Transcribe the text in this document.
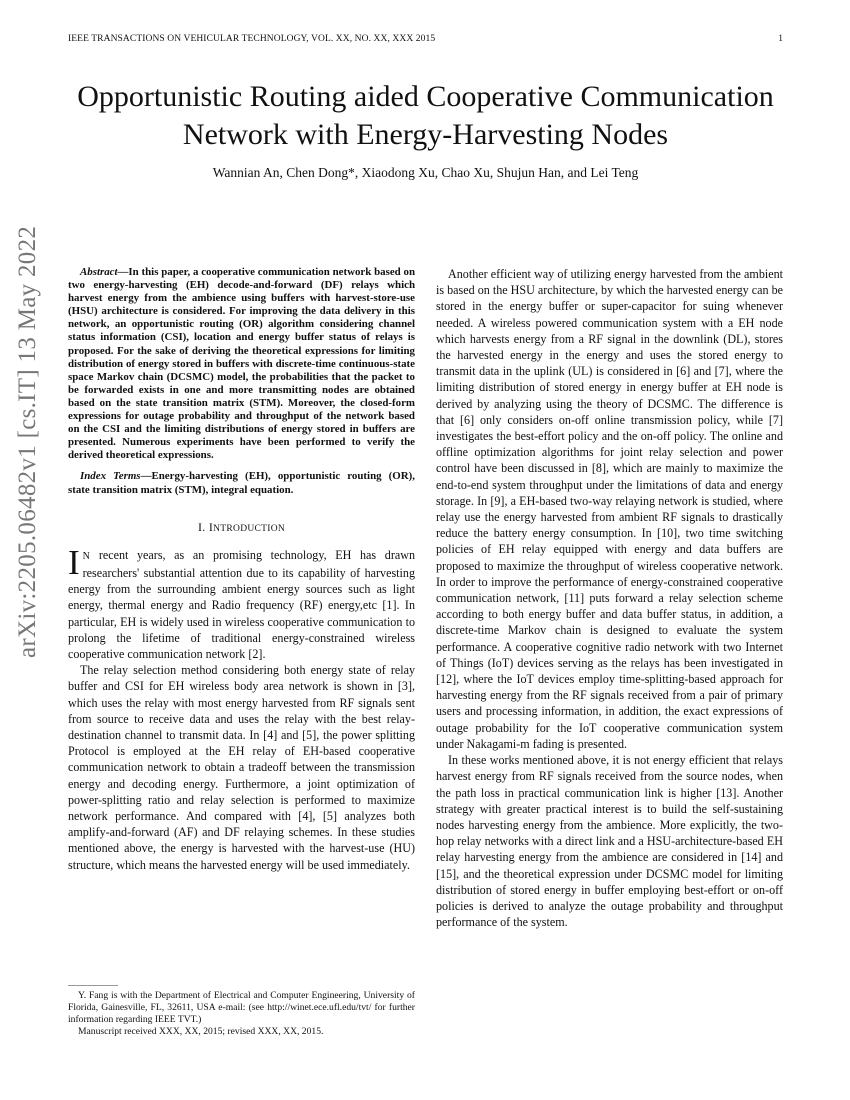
IEEE TRANSACTIONS ON VEHICULAR TECHNOLOGY, VOL. XX, NO. XX, XXX 2015	1
arXiv:2205.06482v1 [cs.IT] 13 May 2022
Opportunistic Routing aided Cooperative Communication Network with Energy-Harvesting Nodes
Wannian An, Chen Dong*, Xiaodong Xu, Chao Xu, Shujun Han, and Lei Teng

Abstract—In this paper, a cooperative communication network based on two energy-harvesting (EH) decode-and-forward (DF) relays which harvest energy from the ambience using buffers with harvest-store-use (HSU) architecture is considered. For improving the data delivery in this network, an opportunistic routing (OR) algorithm considering channel status information (CSI), location and energy buffer status of relays is proposed. For the sake of deriving the theoretical expressions for limiting distribution of energy stored in buffers with discrete-time continuous-state space Markov chain (DCSMC) model, the probabilities that the packet to be forwarded exists in one and more transmitting nodes are obtained based on the state transition matrix (STM). Moreover, the closed-form expressions for outage probability and throughput of the network based on the CSI and the limiting distributions of energy stored in buffers are presented. Numerous experiments have been performed to verify the derived theoretical expressions.

Index Terms—Energy-harvesting (EH), opportunistic routing (OR), state transition matrix (STM), integral equation.

I. INTRODUCTION

I N recent years, as an promising technology, EH has drawn researchers' substantial attention due to its capability of harvesting energy from the surrounding ambient energy sources such as light energy, thermal energy and Radio frequency (RF) energy,etc [1]. In particular, EH is widely used in wireless cooperative communication to prolong the lifetime of traditional energy-constrained wireless cooperative communication network [2].

The relay selection method considering both energy state of relay buffer and CSI for EH wireless body area network is shown in [3], which uses the relay with most energy harvested from RF signals sent from source to receive data and uses the relay with the best relay-destination channel to transmit data. In [4] and [5], the power splitting Protocol is employed at the EH relay of EH-based cooperative communication network to obtain a tradeoff between the transmission energy and decoding energy. Furthermore, a joint optimization of power-splitting ratio and relay selection is performed to maximize network performance. And compared with [4], [5] analyzes both amplify-and-forward (AF) and DF relaying schemes. In these studies mentioned above, the energy is harvested with the harvest-use (HU) structure, which means the harvested energy will be used immediately.

Y. Fang is with the Department of Electrical and Computer Engineering, University of Florida, Gainesville, FL, 32611, USA e-mail: (see http://winet.ece.ufl.edu/tvt/ for further information regarding IEEE TVT.)

Manuscript received XXX, XX, 2015; revised XXX, XX, 2015.

Another efficient way of utilizing energy harvested from the ambient is based on the HSU architecture, by which the harvested energy can be stored in the energy buffer or super-capacitor for suing whenever needed. A wireless powered communication system with a EH node which harvests energy from a RF signal in the downlink (DL), stores the harvested energy in the energy and uses the stored energy to transmit data in the uplink (UL) is considered in [6] and [7], where the limiting distribution of stored energy in energy buffer at EH node is derived by analyzing using the theory of DCSMC. The difference is that [6] only considers on-off online transmission policy, while [7] investigates the best-effort policy and the on-off policy. The online and offline optimization algorithms for joint relay selection and power control have been discussed in [8], which are mainly to maximize the end-to-end system throughput under the limitations of data and energy storage. In [9], a EH-based two-way relaying network is studied, where relay use the energy harvested from ambient RF signals to drastically reduce the battery energy consumption. In [10], two time switching policies of EH relay equipped with energy and data buffers are proposed to maximize the throughput of wireless cooperative network. In order to improve the performance of energy-constrained cooperative communication network, [11] puts forward a relay selection scheme according to both energy buffer and data buffer status, in addition, a discrete-time Markov chain is designed to evaluate the system performance. A cooperative cognitive radio network with two Internet of Things (IoT) devices serving as the relays has been investigated in [12], where the IoT devices employ time-splitting-based approach for harvesting energy from the RF signals received from a pair of primary users and processing information, in addition, the exact expressions of outage probability for the IoT cooperative communication system under Nakagami-m fading is presented.

In these works mentioned above, it is not energy efficient that relays harvest energy from RF signals received from the source nodes, when the path loss in practical communication link is higher [13]. Another strategy with greater practical interest is to build the self-sustaining nodes harvesting energy from the ambience. More explicitly, the two-hop relay networks with a direct link and a HSU-architecture-based EH relay harvesting energy from the ambience are considered in [14] and [15], and the theoretical expression under DCSMC model for limiting distribution of stored energy in buffer employing best-effort or on-off policies is derived to analyze the outage probability and throughput performance of the system.
